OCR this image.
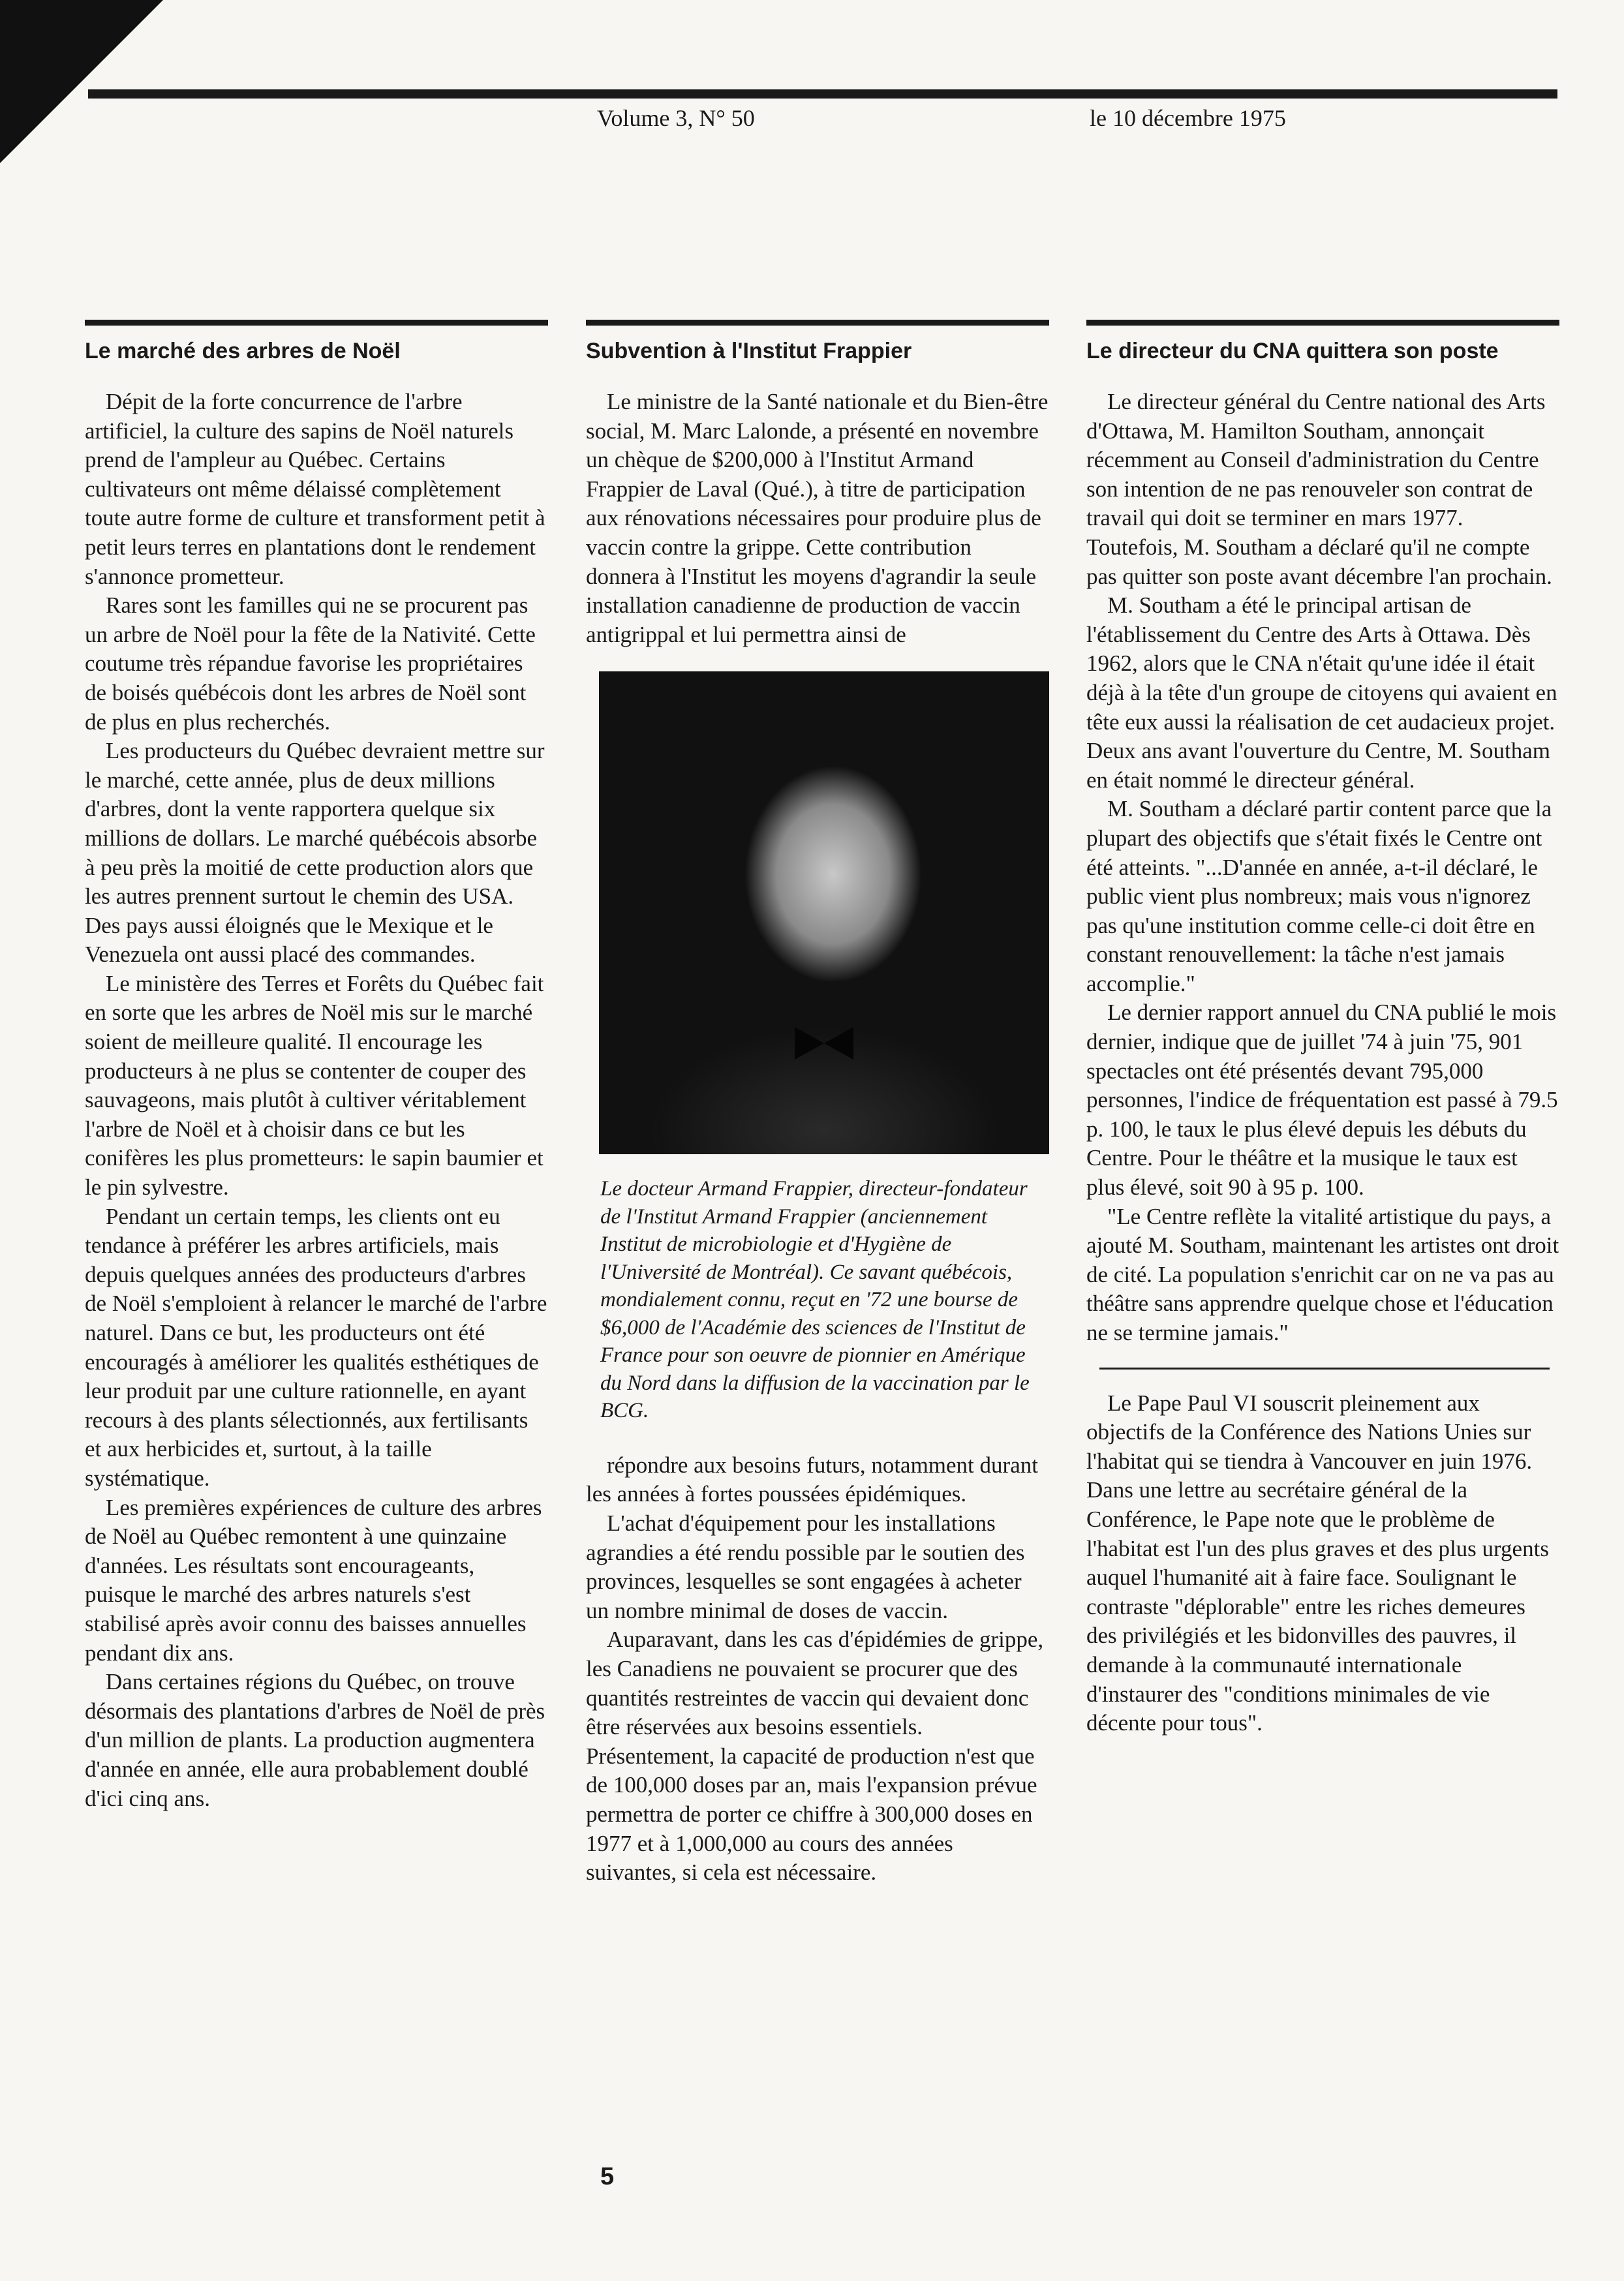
Volume 3, N° 50	le 10 décembre 1975
Le marché des arbres de Noël

Dépit de la forte concurrence de l'arbre artificiel, la culture des sapins de Noël naturels prend de l'ampleur au Québec. Certains cultivateurs ont même délaissé complètement toute autre forme de culture et transforment petit à petit leurs terres en plantations dont le rendement s'annonce prometteur.

Rares sont les familles qui ne se procurent pas un arbre de Noël pour la fête de la Nativité. Cette coutume très répandue favorise les propriétaires de boisés québécois dont les arbres de Noël sont de plus en plus recherchés.

Les producteurs du Québec devraient mettre sur le marché, cette année, plus de deux millions d'arbres, dont la vente rapportera quelque six millions de dollars. Le marché québécois absorbe à peu près la moitié de cette production alors que les autres prennent surtout le chemin des USA. Des pays aussi éloignés que le Mexique et le Venezuela ont aussi placé des commandes.

Le ministère des Terres et Forêts du Québec fait en sorte que les arbres de Noël mis sur le marché soient de meilleure qualité. Il encourage les producteurs à ne plus se contenter de couper des sauvageons, mais plutôt à cultiver véritablement l'arbre de Noël et à choisir dans ce but les conifères les plus prometteurs: le sapin baumier et le pin sylvestre.

Pendant un certain temps, les clients ont eu tendance à préférer les arbres artificiels, mais depuis quelques années des producteurs d'arbres de Noël s'emploient à relancer le marché de l'arbre naturel. Dans ce but, les producteurs ont été encouragés à améliorer les qualités esthétiques de leur produit par une culture rationnelle, en ayant recours à des plants sélectionnés, aux fertilisants et aux herbicides et, surtout, à la taille systématique.

Les premières expériences de culture des arbres de Noël au Québec remontent à une quinzaine d'années. Les résultats sont encourageants, puisque le marché des arbres naturels s'est stabilisé après avoir connu des baisses annuelles pendant dix ans.

Dans certaines régions du Québec, on trouve désormais des plantations d'arbres de Noël de près d'un million de plants. La production augmentera d'année en année, elle aura probablement doublé d'ici cinq ans.

Subvention à l'Institut Frappier

Le ministre de la Santé nationale et du Bien-être social, M. Marc Lalonde, a présenté en novembre un chèque de $200,000 à l'Institut Armand Frappier de Laval (Qué.), à titre de participation aux rénovations nécessaires pour produire plus de vaccin contre la grippe. Cette contribution donnera à l'Institut les moyens d'agrandir la seule installation canadienne de production de vaccin antigrippal et lui permettra ainsi de

Le docteur Armand Frappier, directeur-fondateur de l'Institut Armand Frappier (anciennement Institut de microbiologie et d'Hygiène de l'Université de Montréal). Ce savant québécois, mondialement connu, reçut en '72 une bourse de $6,000 de l'Académie des sciences de l'Institut de France pour son oeuvre de pionnier en Amérique du Nord dans la diffusion de la vaccination par le BCG.

répondre aux besoins futurs, notamment durant les années à fortes poussées épidémiques.

L'achat d'équipement pour les installations agrandies a été rendu possible par le soutien des provinces, lesquelles se sont engagées à acheter un nombre minimal de doses de vaccin.

Auparavant, dans les cas d'épidémies de grippe, les Canadiens ne pouvaient se procurer que des quantités restreintes de vaccin qui devaient donc être réservées aux besoins essentiels. Présentement, la capacité de production n'est que de 100,000 doses par an, mais l'expansion prévue permettra de porter ce chiffre à 300,000 doses en 1977 et à 1,000,000 au cours des années suivantes, si cela est nécessaire.

Le directeur du CNA quittera son poste

Le directeur général du Centre national des Arts d'Ottawa, M. Hamilton Southam, annonçait récemment au Conseil d'administration du Centre son intention de ne pas renouveler son contrat de travail qui doit se terminer en mars 1977. Toutefois, M. Southam a déclaré qu'il ne compte pas quitter son poste avant décembre l'an prochain.

M. Southam a été le principal artisan de l'établissement du Centre des Arts à Ottawa. Dès 1962, alors que le CNA n'était qu'une idée il était déjà à la tête d'un groupe de citoyens qui avaient en tête eux aussi la réalisation de cet audacieux projet. Deux ans avant l'ouverture du Centre, M. Southam en était nommé le directeur général.

M. Southam a déclaré partir content parce que la plupart des objectifs que s'était fixés le Centre ont été atteints. "...D'année en année, a-t-il déclaré, le public vient plus nombreux; mais vous n'ignorez pas qu'une institution comme celle-ci doit être en constant renouvellement: la tâche n'est jamais accomplie."

Le dernier rapport annuel du CNA publié le mois dernier, indique que de juillet '74 à juin '75, 901 spectacles ont été présentés devant 795,000 personnes, l'indice de fréquentation est passé à 79.5 p. 100, le taux le plus élevé depuis les débuts du Centre. Pour le théâtre et la musique le taux est plus élevé, soit 90 à 95 p. 100.

"Le Centre reflète la vitalité artistique du pays, a ajouté M. Southam, maintenant les artistes ont droit de cité. La population s'enrichit car on ne va pas au théâtre sans apprendre quelque chose et l'éducation ne se termine jamais."

Le Pape Paul VI souscrit pleinement aux objectifs de la Conférence des Nations Unies sur l'habitat qui se tiendra à Vancouver en juin 1976. Dans une lettre au secrétaire général de la Conférence, le Pape note que le problème de l'habitat est l'un des plus graves et des plus urgents auquel l'humanité ait à faire face. Soulignant le contraste "déplorable" entre les riches demeures des privilégiés et les bidonvilles des pauvres, il demande à la communauté internationale d'instaurer des "conditions minimales de vie décente pour tous".

5
